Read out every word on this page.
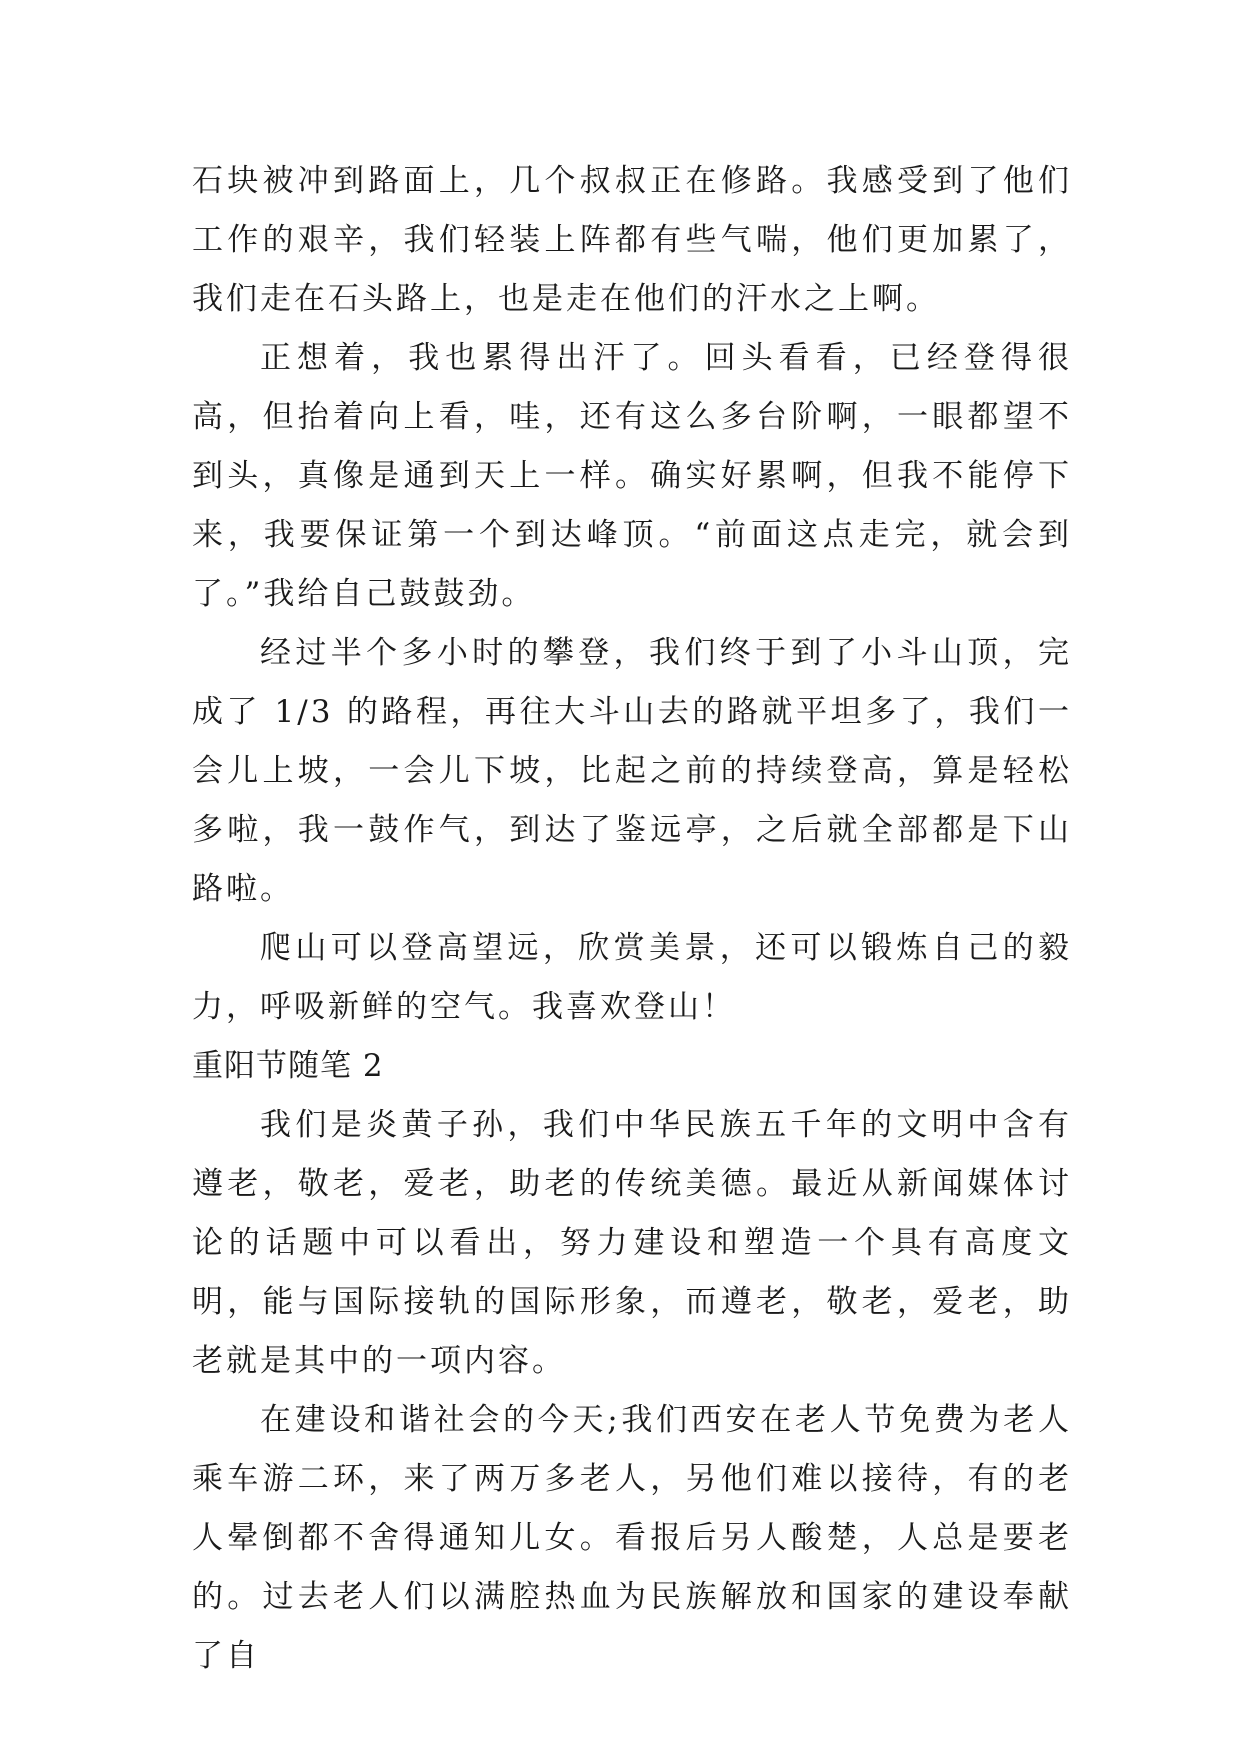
石块被冲到路面上，几个叔叔正在修路。我感受到了他们工作的艰辛，我们轻装上阵都有些气喘，他们更加累了，我们走在石头路上，也是走在他们的汗水之上啊。

正想着，我也累得出汗了。回头看看，已经登得很高，但抬着向上看，哇，还有这么多台阶啊，一眼都望不到头，真像是通到天上一样。确实好累啊，但我不能停下来，我要保证第一个到达峰顶。“前面这点走完，就会到了。”我给自己鼓鼓劲。

经过半个多小时的攀登，我们终于到了小斗山顶，完成了 1/3 的路程，再往大斗山去的路就平坦多了，我们一会儿上坡，一会儿下坡，比起之前的持续登高，算是轻松多啦，我一鼓作气，到达了鉴远亭，之后就全部都是下山路啦。

爬山可以登高望远，欣赏美景，还可以锻炼自己的毅力，呼吸新鲜的空气。我喜欢登山！

重阳节随笔 2

我们是炎黄子孙，我们中华民族五千年的文明中含有遵老，敬老，爱老，助老的传统美德。最近从新闻媒体讨论的话题中可以看出，努力建设和塑造一个具有高度文明，能与国际接轨的国际形象，而遵老，敬老，爱老，助老就是其中的一项内容。

在建设和谐社会的今天;我们西安在老人节免费为老人乘车游二环，来了两万多老人，另他们难以接待，有的老人晕倒都不舍得通知儿女。看报后另人酸楚，人总是要老的。过去老人们以满腔热血为民族解放和国家的建设奉献了自
